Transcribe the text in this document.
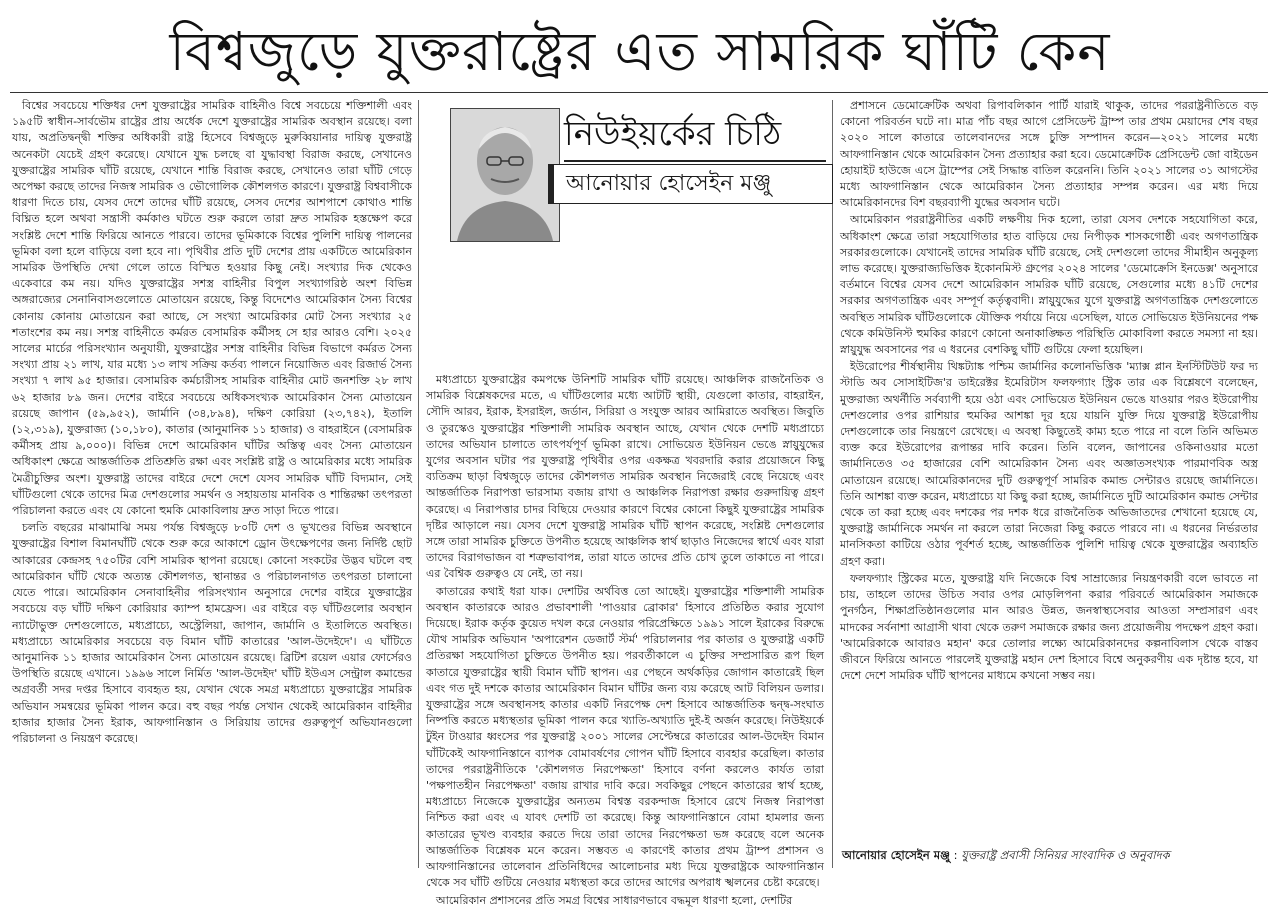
বিশ্বজুড়ে যুক্তরাষ্ট্রের এত সামরিক ঘাঁটি কেন

বিশ্বের সবচেয়ে শক্তিধর দেশ যুক্তরাষ্ট্রের সামরিক বাহিনীও বিশ্বে সবচেয়ে শক্তিশালী এবং ১৯৫টি স্বাধীন-সার্বভৌম রাষ্ট্রের প্রায় অর্ধেক দেশে যুক্তরাষ্ট্রের সামরিক অবস্থান রয়েছে। বলা যায়, অপ্রতিদ্বন্দ্বী শক্তির অধিকারী রাষ্ট্র হিসেবে বিশ্বজুড়ে মুরুব্বিয়ানার দায়িত্ব যুক্তরাষ্ট্র অনেকটা যেচেই গ্রহণ করেছে। যেখানে যুদ্ধ চলছে বা যুদ্ধাবস্থা বিরাজ করছে, সেখানেও যুক্তরাষ্ট্রের সামরিক ঘাঁটি রয়েছে, যেখানে শান্তি বিরাজ করছে, সেখানেও তারা ঘাঁটি গেড়ে অপেক্ষা করছে তাদের নিজস্ব সামরিক ও ভৌগোলিক কৌশলগত কারণে। যুক্তরাষ্ট্র বিশ্ববাসীকে ধারণা দিতে চায়, যেসব দেশে তাদের ঘাঁটি রয়েছে, সেসব দেশের আশপাশে কোথাও শান্তি বিঘ্নিত হলে অথবা সন্ত্রাসী কর্মকাণ্ড ঘটতে শুরু করলে তারা দ্রুত সামরিক হস্তক্ষেপ করে সংশ্লিষ্ট দেশে শান্তি ফিরিয়ে আনতে পারবে। তাদের ভূমিকাকে বিশ্বের পুলিশি দায়িত্ব পালনের ভূমিকা বলা হলে বাড়িয়ে বলা হবে না। পৃথিবীর প্রতি দুটি দেশের প্রায় একটিতে আমেরিকান সামরিক উপস্থিতি দেখা গেলে তাতে বিস্মিত হওয়ার কিছু নেই। সংখ্যার দিক থেকেও একেবারে কম নয়। যদিও যুক্তরাষ্ট্রের সশস্ত্র বাহিনীর বিপুল সংখ্যাগরিষ্ঠ অংশ বিভিন্ন অঙ্গরাজ্যের সেনানিবাসগুলোতে মোতায়েন রয়েছে, কিন্তু বিদেশেও আমেরিকান সৈন্য বিশ্বের কোনায় কোনায় মোতায়েন করা আছে, সে সংখ্যা আমেরিকার মোট সৈন্য সংখ্যার ২৫ শতাংশের কম নয়। সশস্ত্র বাহিনীতে কর্মরত বেসামরিক কর্মীসহ সে হার আরও বেশি। ২০২৫ সালের মার্চের পরিসংখ্যান অনুযায়ী, যুক্তরাষ্ট্রের সশস্ত্র বাহিনীর বিভিন্ন বিভাগে কর্মরত সৈন্য সংখ্যা প্রায় ২১ লাখ, যার মধ্যে ১৩ লাখ সক্রিয় কর্তব্য পালনে নিয়োজিত এবং রিজার্ভ সৈন্য সংখ্যা ৭ লাখ ৯৫ হাজার। বেসামরিক কর্মচারীসহ সামরিক বাহিনীর মোট জনশক্তি ২৮ লাখ ৬২ হাজার ৮৯ জন। দেশের বাইরে সবচেয়ে অধিকসংখ্যক আমেরিকান সৈন্য মোতায়েন রয়েছে জাপান (৫৯,৯৫২), জার্মানি (৩৪,৮৯৪), দক্ষিণ কোরিয়া (২৩,৭৪২), ইতালি (১২,৩১৯), যুক্তরাজ্য (১০,১৮০), কাতার (আনুমানিক ১১ হাজার) ও বাহরাইনে (বেসামরিক কর্মীসহ প্রায় ৯,০০০)। বিভিন্ন দেশে আমেরিকান ঘাঁটির অস্তিত্ব এবং সৈন্য মোতায়েন অধিকাংশ ক্ষেত্রে আন্তর্জাতিক প্রতিশ্রুতি রক্ষা এবং সংশ্লিষ্ট রাষ্ট্র ও আমেরিকার মধ্যে সামরিক মৈত্রীচুক্তির অংশ। যুক্তরাষ্ট্র তাদের বাইরে দেশে দেশে যেসব সামরিক ঘাঁটি বিদ্যমান, সেই ঘাঁটিগুলো থেকে তাদের মিত্র দেশগুলোর সমর্থন ও সহায়তায় মানবিক ও শান্তিরক্ষা তৎপরতা পরিচালনা করতে এবং যে কোনো হুমকি মোকাবিলায় দ্রুত সাড়া দিতে পারে।

চলতি বছরের মাঝামাঝি সময় পর্যন্ত বিশ্বজুড়ে ৮০টি দেশ ও ভূখণ্ডের বিভিন্ন অবস্থানে যুক্তরাষ্ট্রের বিশাল বিমানঘাঁটি থেকে শুরু করে আকাশে ড্রোন উৎক্ষেপণের জন্য নির্দিষ্ট ছোট আকারের কেন্দ্রসহ ৭৫০টির বেশি সামরিক স্থাপনা রয়েছে। কোনো সংকটের উদ্ভব ঘটলে বহু আমেরিকান ঘাঁটি থেকে অত্যন্ত কৌশলগত, স্থানান্তর ও পরিচালনাগত তৎপরতা চালানো যেতে পারে। আমেরিকান সেনাবাহিনীর পরিসংখ্যান অনুসারে দেশের বাইরে যুক্তরাষ্ট্রের সবচেয়ে বড় ঘাঁটি দক্ষিণ কোরিয়ার ক্যাম্প হামফ্রেস। এর বাইরে বড় ঘাঁটিগুলোর অবস্থান ন্যাটোভুক্ত দেশগুলোতে, মধ্যপ্রাচ্যে, অস্ট্রেলিয়া, জাপান, জার্মানি ও ইতালিতে অবস্থিত। মধ্যপ্রাচ্যে আমেরিকার সবচেয়ে বড় বিমান ঘাঁটি কাতারের 'আল-উদেইদে'। এ ঘাঁটিতে আনুমানিক ১১ হাজার আমেরিকান সৈন্য মোতায়েন রয়েছে। ব্রিটিশ রয়েল এয়ার ফোর্সেরও উপস্থিতি রয়েছে এখানে। ১৯৯৬ সালে নির্মিত 'আল-উদেইদ' ঘাঁটি ইউএস সেন্ট্রাল কমান্ডের অগ্রবর্তী সদর দপ্তর হিসাবে ব্যবহৃত হয়, যেখান থেকে সমগ্র মধ্যপ্রাচ্যে যুক্তরাষ্ট্রের সামরিক অভিযান সমন্বয়ের ভূমিকা পালন করে। বহু বছর পর্যন্ত সেখান থেকেই আমেরিকান বাহিনীর হাজার হাজার সৈন্য ইরাক, আফগানিস্তান ও সিরিয়ায় তাদের গুরুত্বপূর্ণ অভিযানগুলো পরিচালনা ও নিয়ন্ত্রণ করেছে।

নিউইয়র্কের চিঠি
আনোয়ার হোসেইন মঞ্জু

মধ্যপ্রাচ্যে যুক্তরাষ্ট্রের কমপক্ষে উনিশটি সামরিক ঘাঁটি রয়েছে। আঞ্চলিক রাজনৈতিক ও সামরিক বিশ্লেষকদের মতে, এ ঘাঁটিগুলোর মধ্যে আটটি স্থায়ী, যেগুলো কাতার, বাহরাইন, সৌদি আরব, ইরাক, ইসরাইল, জর্ডান, সিরিয়া ও সংযুক্ত আরব আমিরাতে অবস্থিত। জিবুতি ও তুরস্কেও যুক্তরাষ্ট্রের শক্তিশালী সামরিক অবস্থান আছে, যেখান থেকে দেশটি মধ্যপ্রাচ্যে তাদের অভিযান চালাতে তাৎপর্যপূর্ণ ভূমিকা রাখে। সোভিয়েত ইউনিয়ন ভেঙে স্নায়ুযুদ্ধের যুগের অবসান ঘটার পর যুক্তরাষ্ট্র পৃথিবীর ওপর একক্ষত্র খবরদারি করার প্রয়োজনে কিছু ব্যতিক্রম ছাড়া বিশ্বজুড়ে তাদের কৌশলগত সামরিক অবস্থান নিজেরাই বেছে নিয়েছে এবং আন্তর্জাতিক নিরাপত্তা ভারসাম্য বজায় রাখা ও আঞ্চলিক নিরাপত্তা রক্ষার গুরুদায়িত্ব গ্রহণ করেছে। এ নিরাপত্তার চাদর বিছিয়ে দেওয়ার কারণে বিশ্বের কোনো কিছুই যুক্তরাষ্ট্রের সামরিক দৃষ্টির আড়ালে নয়। যেসব দেশে যুক্তরাষ্ট্র সামরিক ঘাঁটি স্থাপন করেছে, সংশ্লিষ্ট দেশগুলোর সঙ্গে তারা সামরিক চুক্তিতে উপনীত হয়েছে আঞ্চলিক স্বার্থ ছাড়াও নিজেদের স্বার্থে এবং যারা তাদের বিরাগভাজন বা শত্রুভাবাপন্ন, তারা যাতে তাদের প্রতি চোখ তুলে তাকাতে না পারে। এর বৈশ্বিক গুরুত্বও যে নেই, তা নয়।

কাতারের কথাই ধরা যাক। দেশটির অর্থবিত্ত তো আছেই। যুক্তরাষ্ট্রের শক্তিশালী সামরিক অবস্থান কাতারকে আরও প্রভাবশালী 'পাওয়ার ব্রোকার' হিসাবে প্রতিষ্ঠিত করার সুযোগ দিয়েছে। ইরাক কর্তৃক কুয়েত দখল করে নেওয়ার পরিপ্রেক্ষিতে ১৯৯১ সালে ইরাকের বিরুদ্ধে যৌথ সামরিক অভিযান 'অপারেশন ডেজার্ট স্টর্ম' পরিচালনার পর কাতার ও যুক্তরাষ্ট্র একটি প্রতিরক্ষা সহযোগিতা চুক্তিতে উপনীত হয়। পরবর্তীকালে এ চুক্তির সম্প্রসারিত রূপ ছিল কাতারে যুক্তরাষ্ট্রের স্থায়ী বিমান ঘাঁটি স্থাপন। এর পেছনে অর্থকড়ির জোগান কাতারেই ছিল এবং গত দুই দশকে কাতার আমেরিকান বিমান ঘাঁটির জন্য ব্যয় করেছে আট বিলিয়ন ডলার। যুক্তরাষ্ট্রের সঙ্গে অবস্থানসহ কাতার একটি নিরপেক্ষ দেশ হিসাবে আন্তর্জাতিক দ্বন্দ্ব-সংঘাত নিষ্পত্তি করতে মধ্যস্থতার ভূমিকা পালন করে খ্যাতি-অখ্যাতি দুই-ই অর্জন করেছে। নিউইয়র্কে টুইন টাওয়ার ধ্বংসের পর যুক্তরাষ্ট্র ২০০১ সালের সেপ্টেম্বরে কাতারের আল-উদেইদ বিমান ঘাঁটিকেই আফগানিস্তানে ব্যাপক বোমাবর্ষণের গোপন ঘাঁটি হিসাবে ব্যবহার করেছিল। কাতার তাদের পররাষ্ট্রনীতিকে 'কৌশলগত নিরপেক্ষতা' হিসাবে বর্ণনা করলেও কার্যত তারা 'পক্ষপাতহীন নিরপেক্ষতা' বজায় রাখার দাবি করে। সবকিছুর পেছনে কাতারের স্বার্থ হচ্ছে, মধ্যপ্রাচ্যে নিজেকে যুক্তরাষ্ট্রের অন্যতম বিশ্বস্ত বরকন্দাজ হিসাবে রেখে নিজস্ব নিরাপত্তা নিশ্চিত করা এবং এ যাবৎ দেশটি তা করেছে। কিন্তু আফগানিস্তানে বোমা হামলার জন্য কাতারের ভূখণ্ড ব্যবহার করতে দিয়ে তারা তাদের নিরপেক্ষতা ভঙ্গ করেছে বলে অনেক আন্তর্জাতিক বিশ্লেষক মনে করেন। সম্ভবত এ কারণেই কাতার প্রথম ট্রাম্প প্রশাসন ও আফগানিস্তানের তালেবান প্রতিনিধিদের আলোচনার মধ্য দিয়ে যুক্তরাষ্ট্রকে আফগানিস্তান থেকে সব ঘাঁটি গুটিয়ে নেওয়ার মধ্যস্থতা করে তাদের আগের অপরাধ স্খলনের চেষ্টা করেছে।

আমেরিকান প্রশাসনের প্রতি সমগ্র বিশ্বের সাধারণভাবে বদ্ধমূল ধারণা হলো, দেশটির

প্রশাসনে ডেমোক্রেটিক অথবা রিপাবলিকান পার্টি যারাই থাকুক, তাদের পররাষ্ট্রনীতিতে বড় কোনো পরিবর্তন ঘটে না। মাত্র পাঁচ বছর আগে প্রেসিডেন্ট ট্রাম্প তার প্রথম মেয়াদের শেষ বছর ২০২০ সালে কাতারে তালেবানদের সঙ্গে চুক্তি সম্পাদন করেন—২০২১ সালের মধ্যে আফগানিস্তান থেকে আমেরিকান সৈন্য প্রত্যাহার করা হবে। ডেমোক্রেটিক প্রেসিডেন্ট জো বাইডেন হোয়াইট হাউজে এসে ট্রাম্পের সেই সিদ্ধান্ত বাতিল করেননি। তিনি ২০২১ সালের ৩১ আগস্টের মধ্যে আফগানিস্তান থেকে আমেরিকান সৈন্য প্রত্যাহার সম্পন্ন করেন। এর মধ্য দিয়ে আমেরিকানদের বিশ বছরব্যাপী যুদ্ধের অবসান ঘটে।

আমেরিকান পররাষ্ট্রনীতির একটি লক্ষণীয় দিক হলো, তারা যেসব দেশকে সহযোগিতা করে, অধিকাংশ ক্ষেত্রে তারা সহযোগিতার হাত বাড়িয়ে দেয় নিপীড়ক শাসকগোষ্ঠী এবং অগণতান্ত্রিক সরকারগুলোকে। যেখানেই তাদের সামরিক ঘাঁটি রয়েছে, সেই দেশগুলো তাদের সীমাহীন অনুকূল্য লাভ করেছে। যুক্তরাজ্যভিত্তিক ইকোনমিস্ট গ্রুপের ২০২৪ সালের 'ডেমোক্রেসি ইনডেক্স' অনুসারে বর্তমানে বিশ্বের যেসব দেশে আমেরিকান সামরিক ঘাঁটি রয়েছে, সেগুলোর মধ্যে ৪১টি দেশের সরকার অগণতান্ত্রিক এবং সম্পূর্ণ কর্তৃত্ববাদী। স্নায়ুযুদ্ধের যুগে যুক্তরাষ্ট্র অগণতান্ত্রিক দেশগুলোতে অবস্থিত সামরিক ঘাঁটিগুলোকে যৌক্তিক পর্যায়ে নিয়ে এসেছিল, যাতে সোভিয়েত ইউনিয়নের পক্ষ থেকে কমিউনিস্ট হুমকির কারণে কোনো অনাকাঙ্ক্ষিত পরিস্থিতি মোকাবিলা করতে সমস্যা না হয়। স্নায়ুযুদ্ধ অবসানের পর এ ধরনের বেশকিছু ঘাঁটি গুটিয়ে ফেলা হয়েছিল।

ইউরোপের শীর্ষস্থানীয় থিঙ্কট্যাঙ্ক পশ্চিম জার্মানির কলোনভিত্তিক 'ম্যাক্স প্লান ইনস্টিটিউট ফর দ্য স্টাডি অব সোসাইটিজ'র ডাইরেক্টর ইমেরিটাস ফলফগ্যাং স্ট্রিক তার এক বিশ্লেষণে বলেছেন, মুক্তরাজ্য অথর্নীতি সর্বব্যাপী হয়ে ওঠা এবং সোভিয়েত ইউনিয়ন ভেঙে যাওয়ার পরও ইউরোপীয় দেশগুলোর ওপর রাশিয়ার হুমকির আশঙ্কা দূর হয়ে যায়নি যুক্তি দিয়ে যুক্তরাষ্ট্র ইউরোপীয় দেশগুলোকে তার নিয়ন্ত্রণে রেখেছে। এ অবস্থা কিছুতেই কাম্য হতে পারে না বলে তিনি অভিমত ব্যক্ত করে ইউরোপের রূপান্তর দাবি করেন। তিনি বলেন, জাপানের ওকিনাওয়ার মতো জার্মানিতেও ৩৫ হাজারের বেশি আমেরিকান সৈন্য এবং অজ্ঞাতসংখ্যক পারমাণবিক অস্ত্র মোতায়েন রয়েছে। আমেরিকানদের দুটি গুরুত্বপূর্ণ সামরিক কমান্ড সেন্টারও রয়েছে জার্মানিতে। তিনি আশঙ্কা ব্যক্ত করেন, মধ্যপ্রাচ্যে যা কিছু করা হচ্ছে, জার্মানিতে দুটি আমেরিকান কমান্ড সেন্টার থেকে তা করা হচ্ছে এবং দশকের পর দশক ধরে রাজনৈতিক অভিজাতদের শেখানো হয়েছে যে, যুক্তরাষ্ট্র জার্মানিকে সমর্থন না করলে তারা নিজেরা কিছু করতে পারবে না। এ ধরনের নির্ভরতার মানসিকতা কাটিয়ে ওঠার পূর্বশর্ত হচ্ছে, আন্তর্জাতিক পুলিশি দায়িত্ব থেকে যুক্তরাষ্ট্রের অব্যাহতি গ্রহণ করা।

ফলফগ্যাং স্ট্রিকের মতে, যুক্তরাষ্ট্র যদি নিজেকে বিশ্ব সাম্রাজ্যের নিয়ন্ত্রণকারী বলে ভাবতে না চায়, তাহলে তাদের উচিত সবার ওপর মোড়লিপনা করার পরিবর্তে আমেরিকান সমাজকে পুনর্গঠন, শিক্ষাপ্রতিষ্ঠানগুলোর মান আরও উন্নত, জনস্বাস্থ্যসেবার আওতা সম্প্রসারণ এবং মাদকের সর্বনাশা আগ্রাসী থাবা থেকে তরুণ সমাজকে রক্ষার জন্য প্রয়োজনীয় পদক্ষেপ গ্রহণ করা। 'আমেরিকাকে আবারও মহান' করে তোলার লক্ষ্যে আমেরিকানদের কল্পনাবিলাস থেকে বাস্তব জীবনে ফিরিয়ে আনতে পারলেই যুক্তরাষ্ট্র মহান দেশ হিসাবে বিশ্বে অনুকরণীয় এক দৃষ্টান্ত হবে, যা দেশে দেশে সামরিক ঘাঁটি স্থাপনের মাধ্যমে কখনো সম্ভব নয়।

আনোয়ার হোসেইন মঞ্জু : যুক্তরাষ্ট্র প্রবাসী সিনিয়র সাংবাদিক ও অনুবাদক
